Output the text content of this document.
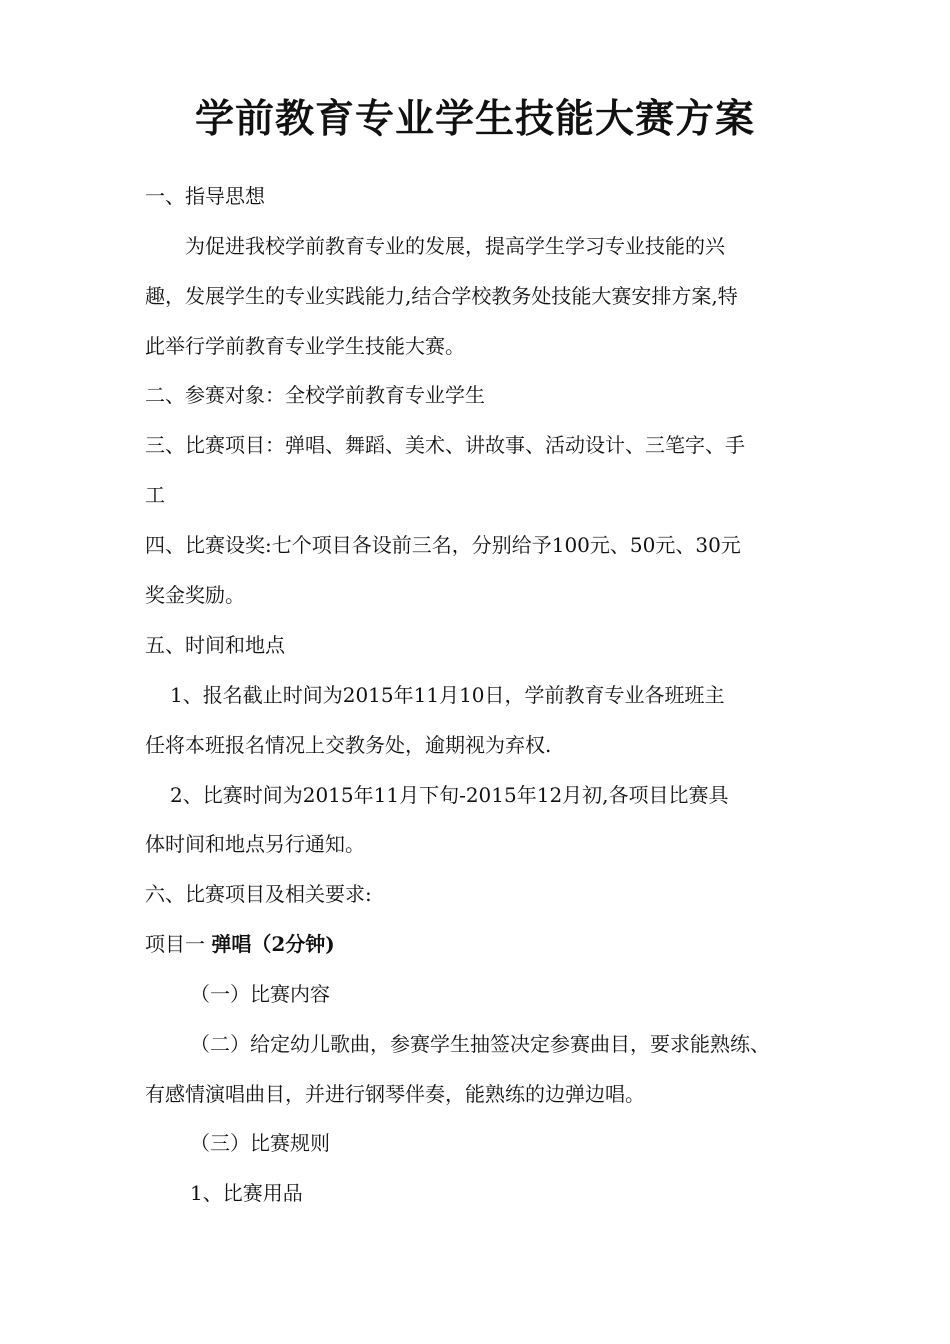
学前教育专业学生技能大赛方案
一、指导思想
为促进我校学前教育专业的发展，提高学生学习专业技能的兴
趣，发展学生的专业实践能力,结合学校教务处技能大赛安排方案,特
此举行学前教育专业学生技能大赛。
二、参赛对象：全校学前教育专业学生
三、比赛项目：弹唱、舞蹈、美术、讲故事、活动设计、三笔字、手
工
四、比赛设奖:七个项目各设前三名，分别给予100元、50元、30元
奖金奖励。
五、时间和地点
1、报名截止时间为2015年11月10日，学前教育专业各班班主
任将本班报名情况上交教务处，逾期视为弃权.
2、比赛时间为2015年11月下旬-2015年12月初,各项目比赛具
体时间和地点另行通知。
六、比赛项目及相关要求:
项目一 弹唱（2分钟)
（一）比赛内容
（二）给定幼儿歌曲，参赛学生抽签决定参赛曲目，要求能熟练、
有感情演唱曲目，并进行钢琴伴奏，能熟练的边弹边唱。
（三）比赛规则
1、比赛用品
